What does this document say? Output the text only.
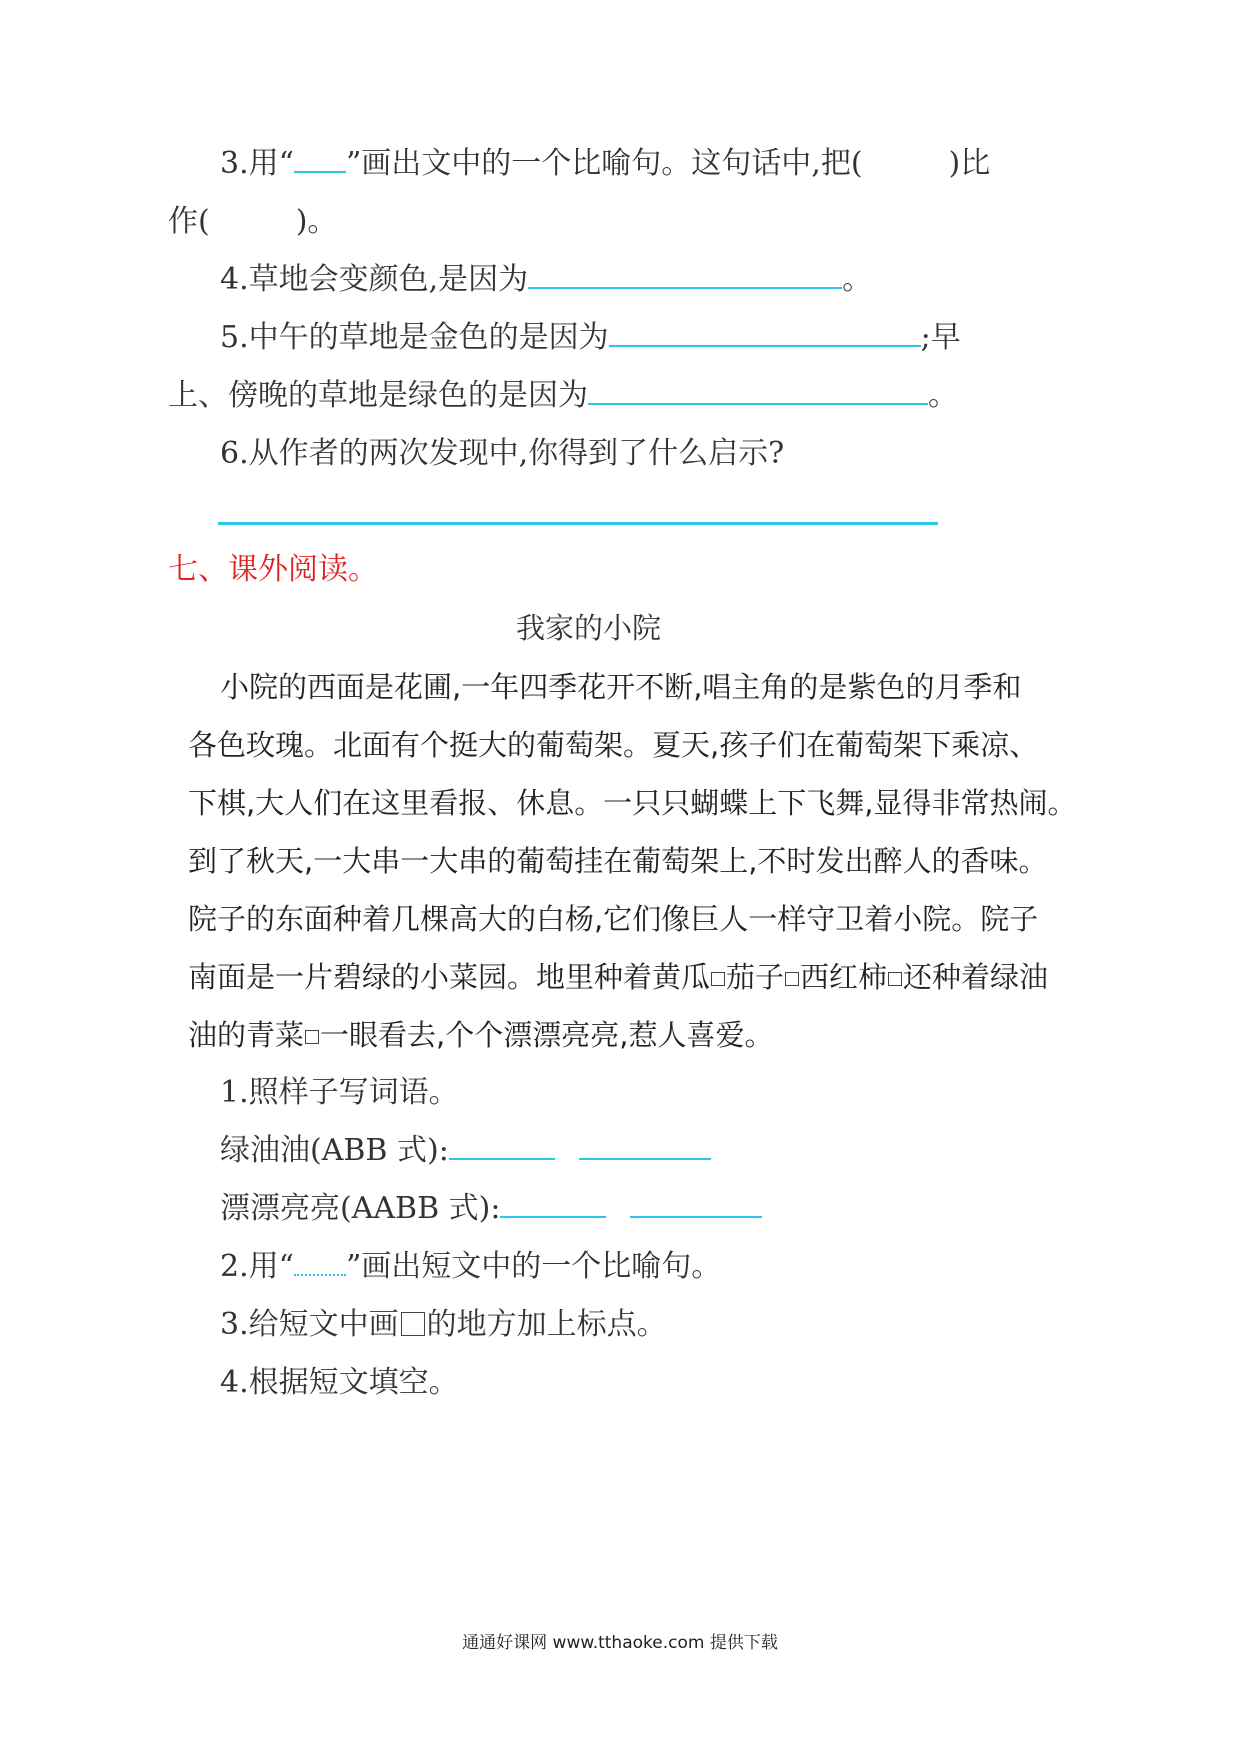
3.用“ ”画出文中的一个比喻句。这句话中,把(	)比
作(	)。
4.草地会变颜色,是因为	。
5.中午的草地是金色的是因为	;早
上、傍晚的草地是绿色的是因为	。
6.从作者的两次发现中,你得到了什么启示?
七、课外阅读。
我家的小院
小院的西面是花圃,一年四季花开不断,唱主角的是紫色的月季和
各色玫瑰。北面有个挺大的葡萄架。夏天,孩子们在葡萄架下乘凉、
下棋,大人们在这里看报、休息。一只只蝴蝶上下飞舞,显得非常热闹。
到了秋天,一大串一大串的葡萄挂在葡萄架上,不时发出醉人的香味。
院子的东面种着几棵高大的白杨,它们像巨人一样守卫着小院。院子
南面是一片碧绿的小菜园。地里种着黄瓜 茄子 西红柿 还种着绿油
油的青菜 一眼看去,个个漂漂亮亮,惹人喜爱。
1.照样子写词语。
绿油油(ABB 式):
漂漂亮亮(AABB 式):
2.用“ ”画出短文中的一个比喻句。
3.给短文中画 的地方加上标点。
4.根据短文填空。
通通好课网 www.tthaoke.com 提供下载
